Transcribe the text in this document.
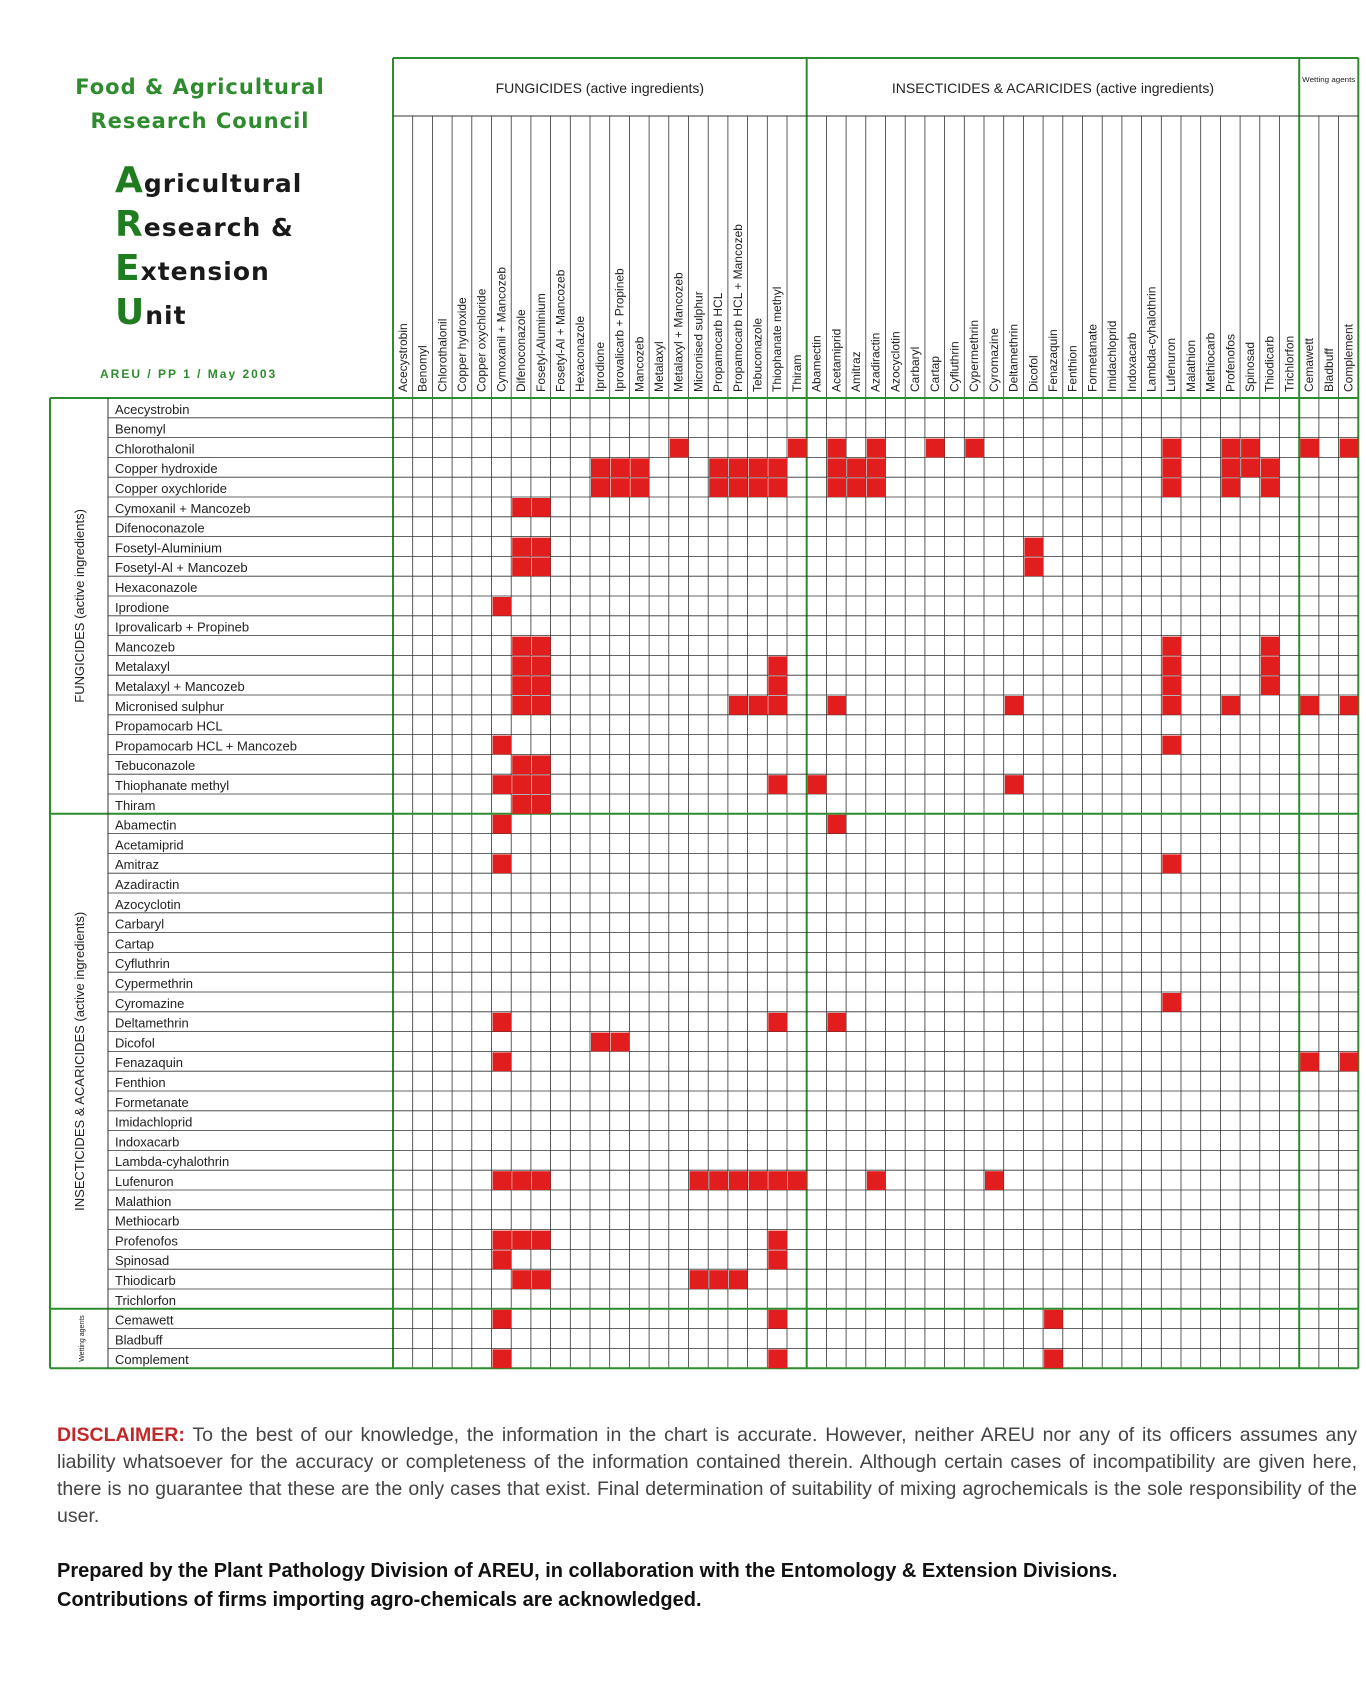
Food & Agricultural
Research Council
Agricultural
Research &
Extension
Unit
AREU / PP 1 / May 2003
FUNGICIDES (active ingredients)	INSECTICIDES & ACARICIDES (active ingredients)	Wetting agents
FUNGICIDES (active ingredients)
INSECTICIDES & ACARICIDES (active ingredients)
Wetting agents
Acecystrobin
Acecystrobin
Benomyl
Benomyl
Chlorothalonil
Chlorothalonil
Copper hydroxide
Copper hydroxide
Copper oxychloride
Copper oxychloride
Cymoxanil + Mancozeb
Cymoxanil + Mancozeb
Difenoconazole
Difenoconazole
Fosetyl-Aluminium
Fosetyl-Aluminium
Fosetyl-Al + Mancozeb
Fosetyl-Al + Mancozeb
Hexaconazole
Hexaconazole
Iprodione
Iprodione
Iprovalicarb + Propineb
Iprovalicarb + Propineb
Mancozeb
Mancozeb
Metalaxyl
Metalaxyl
Metalaxyl + Mancozeb
Metalaxyl + Mancozeb
Micronised sulphur
Micronised sulphur
Propamocarb HCL
Propamocarb HCL
Propamocarb HCL + Mancozeb
Propamocarb HCL + Mancozeb
Tebuconazole
Tebuconazole
Thiophanate methyl
Thiophanate methyl
Thiram
Thiram
Abamectin
Abamectin
Acetamiprid
Acetamiprid
Amitraz
Amitraz
Azadiractin
Azadiractin
Azocyclotin
Azocyclotin
Carbaryl
Carbaryl
Cartap
Cartap
Cyfluthrin
Cyfluthrin
Cypermethrin
Cypermethrin
Cyromazine
Cyromazine
Deltamethrin
Deltamethrin
Dicofol
Dicofol
Fenazaquin
Fenazaquin
Fenthion
Fenthion
Formetanate
Formetanate
Imidachloprid
Imidachloprid
Indoxacarb
Indoxacarb
Lambda-cyhalothrin
Lambda-cyhalothrin
Lufenuron
Lufenuron
Malathion
Malathion
Methiocarb
Methiocarb
Profenofos
Profenofos
Spinosad
Spinosad
Thiodicarb
Thiodicarb
Trichlorfon
Trichlorfon
Cemawett
Cemawett
Bladbuff
Bladbuff
Complement
Complement
DISCLAIMER: To the best of our knowledge, the information in the chart is accurate. However, neither AREU nor any of its officers assumes any liability whatsoever for the accuracy or completeness of the information contained therein. Although certain cases of incompatibility are given here, there is no guarantee that these are the only cases that exist. Final determination of suitability of mixing agrochemicals is the sole responsibility of the user.
Prepared by the Plant Pathology Division of AREU, in collaboration with the Entomology & Extension Divisions.
Contributions of firms importing agro-chemicals are acknowledged.
